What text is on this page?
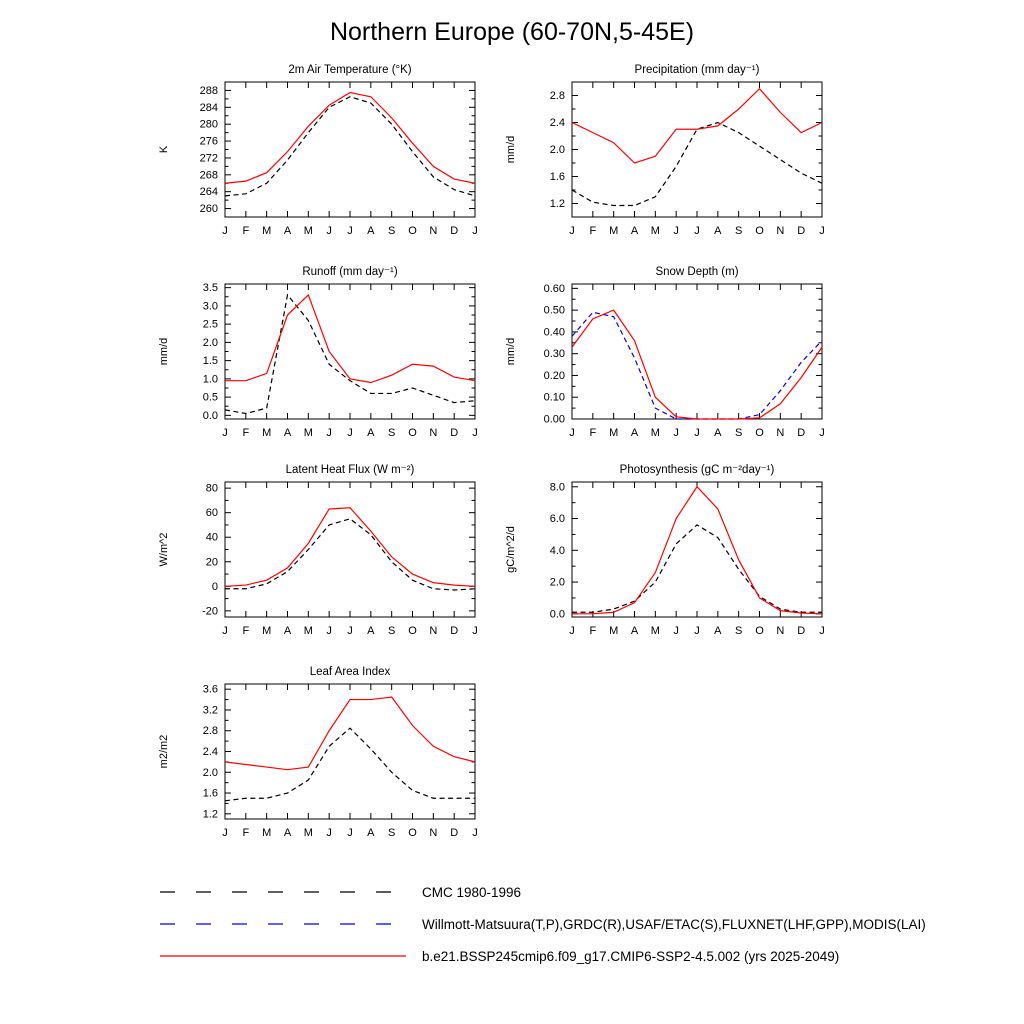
Northern Europe (60-70N,5-45E)
260
264
268
272
276
280
284
288
J F M A M J J A S O N D J
2m Air Temperature (°K)
K
1.2
1.6
2.0
2.4
2.8
J F M A M J J A S O N D J
Precipitation (mm day⁻¹)
mm/d
0.0
0.5
1.0
1.5
2.0
2.5
3.0
3.5
J F M A M J J A S O N D J
Runoff (mm day⁻¹)
mm/d
0.00
0.10
0.20
0.30
0.40
0.50
0.60
J F M A M J J A S O N D J
Snow Depth (m)
mm/d
-20
0
20
40
60
80
J F M A M J J A S O N D J
Latent Heat Flux (W m⁻²)
W/m^2
0.0
2.0
4.0
6.0
8.0
J F M A M J J A S O N D J
Photosynthesis (gC m⁻²day⁻¹)
gC/m^2/d
1.2
1.6
2.0
2.4
2.8
3.2
3.6
J F M A M J J A S O N D J
Leaf Area Index
m2/m2
CMC 1980-1996
Willmott-Matsuura(T,P),GRDC(R),USAF/ETAC(S),FLUXNET(LHF,GPP),MODIS(LAI)
b.e21.BSSP245cmip6.f09_g17.CMIP6-SSP2-4.5.002 (yrs 2025-2049)
